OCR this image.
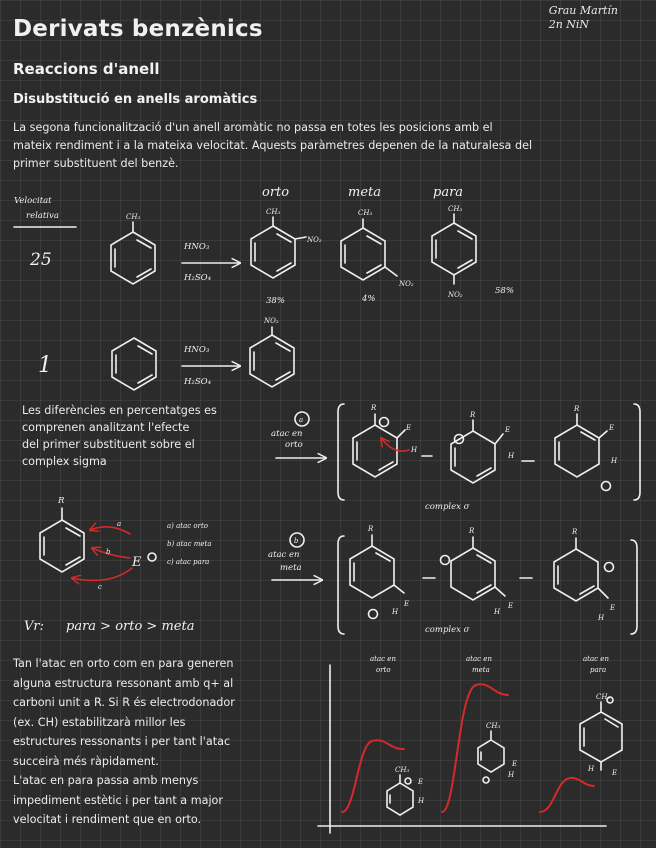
Grau Martín
2n NiN
Derivats benzènics
Reaccions d'anell
Disubstitució en anells aromàtics
La segona funcionalització d'un anell aromàtic no passa en totes les posicions amb el
mateix rendiment i a la mateixa velocitat. Aquests paràmetres depenen de la naturalesa del
primer substituent del benzè.
Les diferències en percentatges es
comprenen analitzant l'efecte
del primer substituent sobre el
complex sigma
Tan l'atac en orto com en para generen
alguna estructura ressonant amb q+ al
carboni unit a R. Si R és electrodonador
(ex. CH) estabilitzarà millor les
estructures ressonants i per tant l'atac
succeirà més ràpidament.
L'atac en para passa amb menys
impediment estètic i per tant a major
velocitat i rendiment que en orto.
Velocitat
relativa
25
1
CH₃
HNO₃
H₂SO₄
orto
CH₃
NO₂
38%
meta
CH₃
NO₂
4%
para
CH₃
NO₂	58%
HNO₃
H₂SO₄
NO₂
R
E
a
b
c
a) atac orto
b) atac meta
c) atac para
Vr: para > orto > meta
a
atac en
orto
R
E
H
R
E
H
R
E
H
complex σ
b
atac en
meta
R
E
H
R
E
H
R
E
H
complex σ
atac en
orto
atac en
meta
atac en
para
CH₃
E
H
CH₃
E
H
CH₃
H	E
